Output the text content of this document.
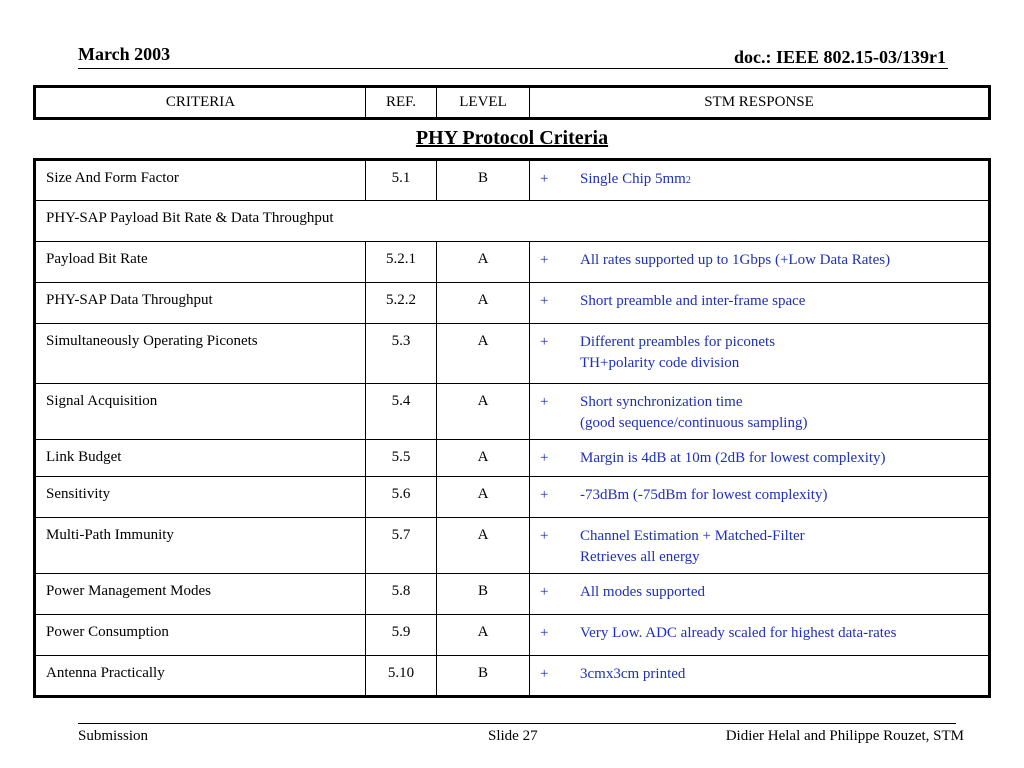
March 2003	doc.: IEEE 802.15-03/139r1
CRITERIA	REF.	LEVEL	STM RESPONSE
PHY Protocol Criteria
Size And Form Factor	5.1	B	+ Single Chip 5mm 2

PHY-SAP Payload Bit Rate & Data Throughput			
Payload Bit Rate	5.2.1	A	+ All rates supported up to 1Gbps (+Low Data Rates)

PHY-SAP Data Throughput	5.2.2	A	+ Short preamble and inter-frame space

Simultaneously Operating Piconets	5.3	A	+ Different preambles for piconets
TH+polarity code division

Signal Acquisition	5.4	A	+ Short synchronization time
(good sequence/continuous sampling)

Link Budget	5.5	A	+ Margin is 4dB at 10m (2dB for lowest complexity)

Sensitivity	5.6	A	+ -73dBm (-75dBm for lowest complexity)

Multi-Path Immunity	5.7	A	+ Channel Estimation + Matched-Filter
Retrieves all energy

Power Management Modes	5.8	B	+ All modes supported

Power Consumption	5.9	A	+ Very Low. ADC already scaled for highest data-rates

Antenna Practically	5.10	B	+ 3cmx3cm printed
Submission	Slide 27	Didier Helal and Philippe Rouzet, STM
